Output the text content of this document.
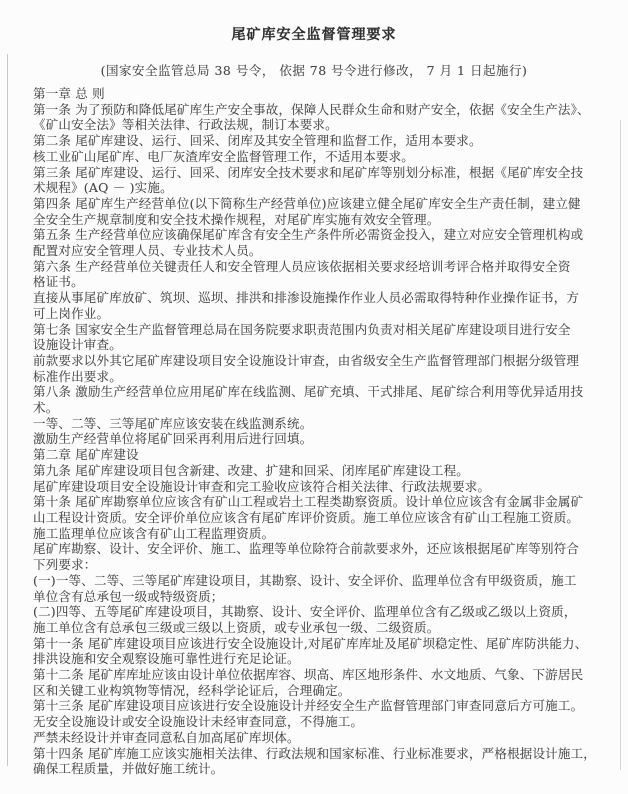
尾矿库安全监督管理要求
(国家安全监管总局 38 号令， 依据 78 号令进行修改， 7 月 1 日起施行)
第一章 总 则
第一条 为了预防和降低尾矿库生产安全事故，保障人民群众生命和财产安全，依据《安全生产法》、
《矿山安全法》等相关法律、行政法规，制订本要求。
第二条 尾矿库建设、运行、回采、闭库及其安全管理和监督工作，适用本要求。
核工业矿山尾矿库、电厂灰渣库安全监督管理工作，不适用本要求。
第三条 尾矿库建设、运行、回采、闭库安全技术要求和尾矿库等别划分标准，根据《尾矿库安全技
术规程》(AQ － )实施。
第四条 尾矿库生产经营单位(以下简称生产经营单位)应该建立健全尾矿库安全生产责任制，建立健
全安全生产规章制度和安全技术操作规程，对尾矿库实施有效安全管理。
第五条 生产经营单位应该确保尾矿库含有安全生产条件所必需资金投入，建立对应安全管理机构或
配置对应安全管理人员、专业技术人员。
第六条 生产经营单位关键责任人和安全管理人员应该依据相关要求经培训考评合格并取得安全资
格证书。
直接从事尾矿库放矿、筑坝、巡坝、排洪和排渗设施操作作业人员必需取得特种作业操作证书，方
可上岗作业。
第七条 国家安全生产监督管理总局在国务院要求职责范围内负责对相关尾矿库建设项目进行安全
设施设计审查。
前款要求以外其它尾矿库建设项目安全设施设计审查，由省级安全生产监督管理部门根据分级管理
标准作出要求。
第八条 激励生产经营单位应用尾矿库在线监测、尾矿充填、干式排尾、尾矿综合利用等优异适用技
术。
一等、二等、三等尾矿库应该安装在线监测系统。
激励生产经营单位将尾矿回采再利用后进行回填。
第二章 尾矿库建设
第九条 尾矿库建设项目包含新建、改建、扩建和回采、闭库尾矿库建设工程。
尾矿库建设项目安全设施设计审查和完工验收应该符合相关法律、行政法规要求。
第十条 尾矿库勘察单位应该含有矿山工程或岩土工程类勘察资质。设计单位应该含有金属非金属矿
山工程设计资质。安全评价单位应该含有尾矿库评价资质。施工单位应该含有矿山工程施工资质。
施工监理单位应该含有矿山工程监理资质。
尾矿库勘察、设计、安全评价、施工、监理等单位除符合前款要求外，还应该根据尾矿库等别符合
下列要求：
(一)一等、二等、三等尾矿库建设项目，其勘察、设计、安全评价、监理单位含有甲级资质，施工
单位含有总承包一级或特级资质；
(二)四等、五等尾矿库建设项目，其勘察、设计、安全评价、监理单位含有乙级或乙级以上资质，
施工单位含有总承包三级或三级以上资质，或专业承包一级、二级资质。
第十一条 尾矿库建设项目应该进行安全设施设计,对尾矿库库址及尾矿坝稳定性、尾矿库防洪能力、
排洪设施和安全观察设施可靠性进行充足论证。
第十二条 尾矿库库址应该由设计单位依据库容、坝高、库区地形条件、水文地质、气象、下游居民
区和关键工业构筑物等情况，经科学论证后，合理确定。
第十三条 尾矿库建设项目应该进行安全设施设计并经安全生产监督管理部门审查同意后方可施工。
无安全设施设计或安全设施设计未经审查同意，不得施工。
严禁未经设计并审查同意私自加高尾矿库坝体。
第十四条 尾矿库施工应该实施相关法律、行政法规和国家标准、行业标准要求，严格根据设计施工，
确保工程质量，并做好施工统计。
